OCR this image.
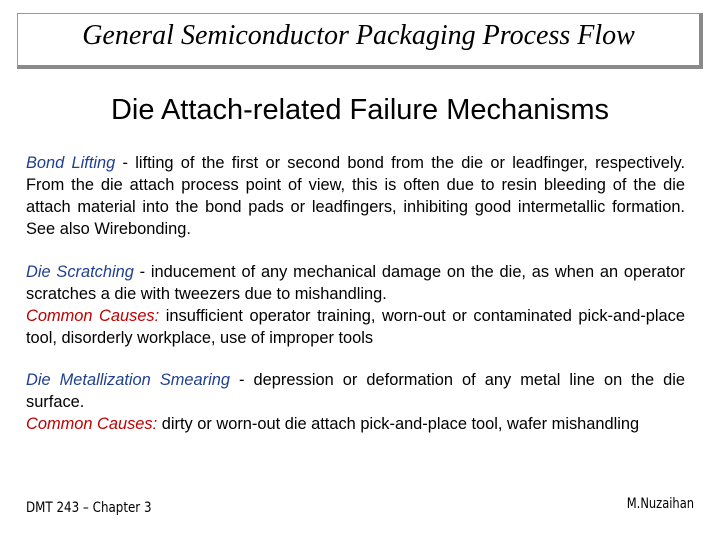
General Semiconductor Packaging Process Flow
Die Attach-related Failure Mechanisms
Bond Lifting - lifting of the first or second bond from the die or leadfinger, respectively. From the die attach process point of view, this is often due to resin bleeding of the die attach material into the bond pads or leadfingers, inhibiting good intermetallic formation. See also Wirebonding.
Die Scratching - inducement of any mechanical damage on the die, as when an operator scratches a die with tweezers due to mishandling.
Common Causes: insufficient operator training, worn-out or contaminated pick-and-place tool, disorderly workplace, use of improper tools
Die Metallization Smearing - depression or deformation of any metal line on the die surface.
Common Causes: dirty or worn-out die attach pick-and-place tool, wafer mishandling
DMT 243 – Chapter 3	M.Nuzaihan
